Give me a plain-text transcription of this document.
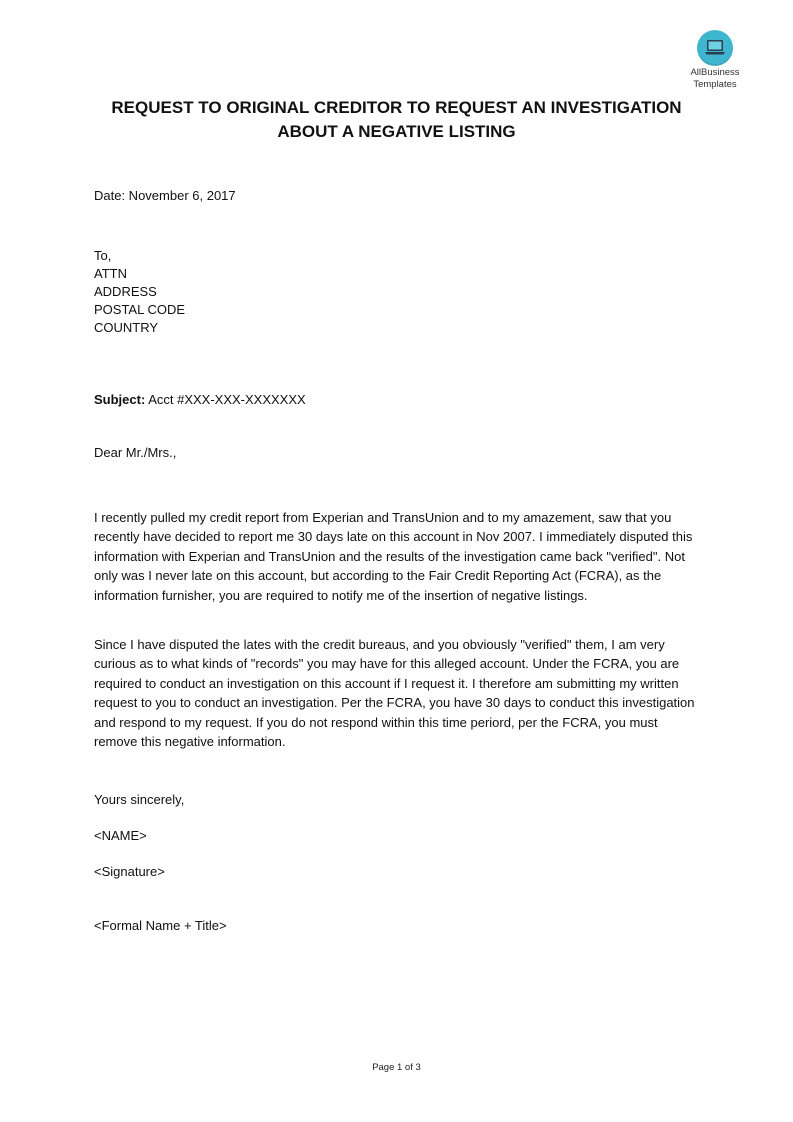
AllBusiness
Templates
REQUEST TO ORIGINAL CREDITOR TO REQUEST AN INVESTIGATION
ABOUT A NEGATIVE LISTING
Date: November 6, 2017
To,
ATTN
ADDRESS
POSTAL CODE
COUNTRY
Subject: Acct #XXX-XXX-XXXXXXX
Dear Mr./Mrs.,
I recently pulled my credit report from Experian and TransUnion and to my amazement, saw that you recently have decided to report me 30 days late on this account in Nov 2007. I immediately disputed this information with Experian and TransUnion and the results of the investigation came back "verified". Not only was I never late on this account, but according to the Fair Credit Reporting Act (FCRA), as the information furnisher, you are required to notify me of the insertion of negative listings.
Since I have disputed the lates with the credit bureaus, and you obviously "verified" them, I am very curious as to what kinds of "records" you may have for this alleged account. Under the FCRA, you are required to conduct an investigation on this account if I request it. I therefore am submitting my written request to you to conduct an investigation. Per the FCRA, you have 30 days to conduct this investigation and respond to my request. If you do not respond within this time periord, per the FCRA, you must remove this negative information.
Yours sincerely,
<NAME>
<Signature>
<Formal Name + Title>
Page 1 of 3
